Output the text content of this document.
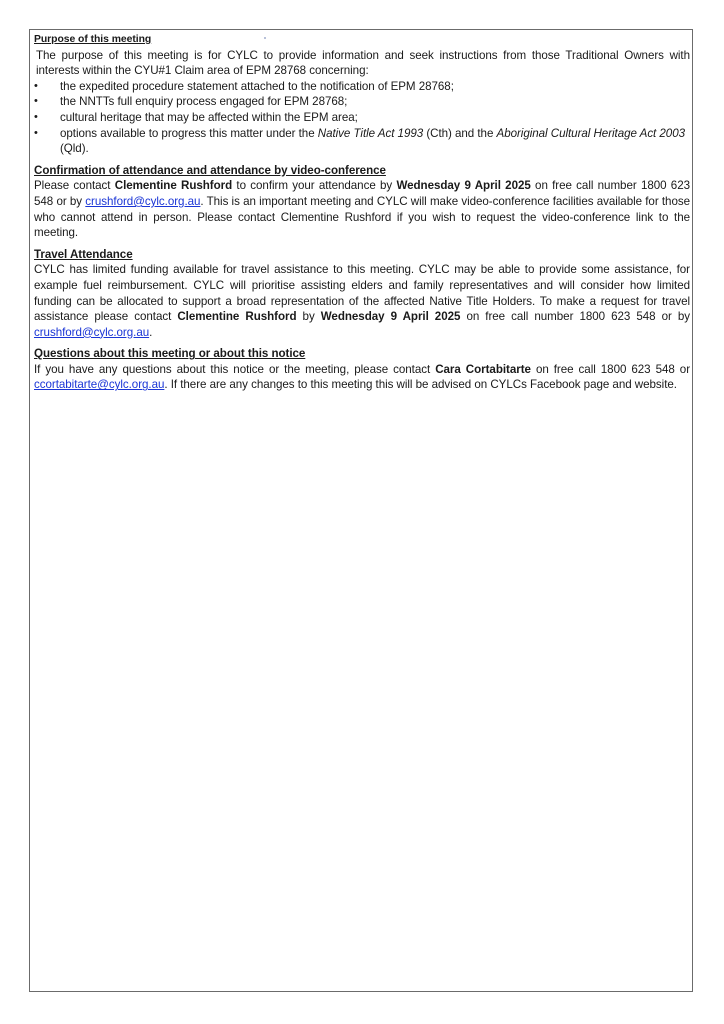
Purpose of this meeting

The purpose of this meeting is for CYLC to provide information and seek instructions from those Traditional Owners with interests within the CYU#1 Claim area of EPM 28768 concerning:

•	the expedited procedure statement attached to the notification of EPM 28768;
•	the NNTTs full enquiry process engaged for EPM 28768;
•	cultural heritage that may be affected within the EPM area;
•	options available to progress this matter under the Native Title Act 1993 (Cth) and the Aboriginal Cultural Heritage Act 2003 (Qld).
Confirmation of attendance and attendance by video-conference

Please contact Clementine Rushford to confirm your attendance by Wednesday 9 April 2025 on free call number 1800 623 548 or by crushford@cylc.org.au. This is an important meeting and CYLC will make video-conference facilities available for those who cannot attend in person. Please contact Clementine Rushford if you wish to request the video-conference link to the meeting.

Travel Attendance

CYLC has limited funding available for travel assistance to this meeting. CYLC may be able to provide some assistance, for example fuel reimbursement. CYLC will prioritise assisting elders and family representatives and will consider how limited funding can be allocated to support a broad representation of the affected Native Title Holders. To make a request for travel assistance please contact Clementine Rushford by Wednesday 9 April 2025 on free call number 1800 623 548 or by crushford@cylc.org.au.

Questions about this meeting or about this notice

If you have any questions about this notice or the meeting, please contact Cara Cortabitarte on free call 1800 623 548 or ccortabitarte@cylc.org.au. If there are any changes to this meeting this will be advised on CYLCs Facebook page and website.
